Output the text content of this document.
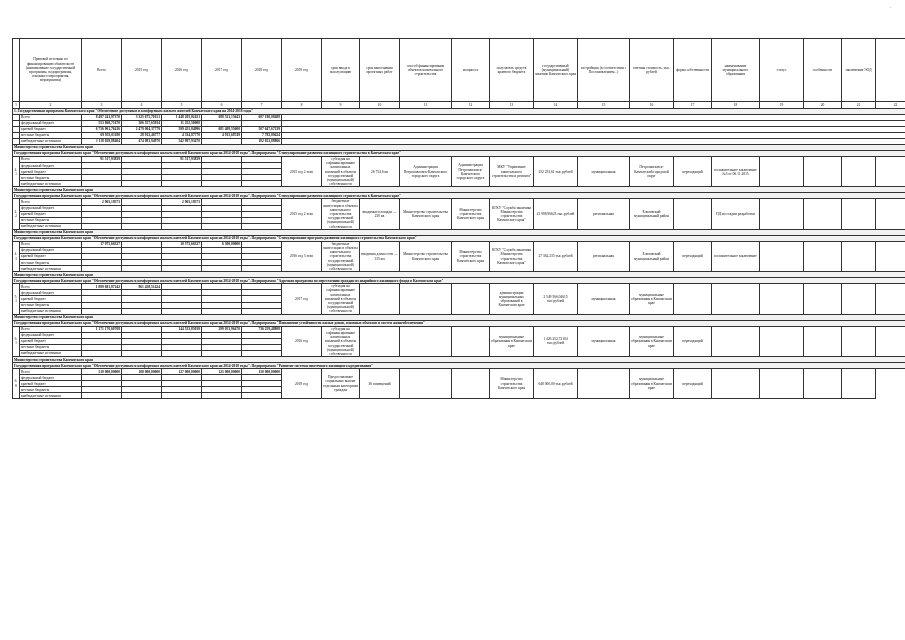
.
	Правовой источник по финансированию обязательств (наименование государственной программы, подпрограммы, основного мероприятия, мероприятия)	Всего	2015 год	2016 год	2017 год	2018 год	2019 год	срок ввода в эксплуатацию	срок выполнения проектных работ	способ финансирования объектов капитального строительства	мощность	получатель средств краевого бюджета	государственный (муниципальный) заказчик Камчатского края	застройщик (в соответствии с Постановлением...)	сметная стоимость, тыс. рублей	форма собственности	наименование муниципального образования	статус	особенности	заключение ЭОД	
1	2	3	4	5	6	7	8	9	10	11	12	13	14	15	16	17	18	19	20	21	22
1. Государственная программа Камчатского края "Обеспечение доступным и комфортным жильем жителей Камчатского края на 2014-2018 годы"																					
	Всего	8 497 241,97370	3 325 675,70151	1 448 205,02451	688 521,15643	607 180,08488															
	федеральный бюджет	553 868,71670	306 557,65934	11 252,50000																	
	краевой бюджет	6 756 961,76416	2 479 004,37779	599 455,84996	681 409,55600	507 647,67239															
	местные бюджеты	69 053,01180	28 912,46777	4 334,87770	4 915,68749	7 782,89424															
	внебюджетные источники	1 118 029,88404	474 081,94970	542 997,93470		102 652,88866															
Министерство строительства Камчатского края																					
Государственная программа Камчатского края "Обеспечение доступным и комфортным жильем жителей Камчатского края на 2014-2018 годы". Подпрограмма "Стимулирование развития жилищного строительства в Камчатском крае"																					
4.1	Всего	91 517,93839		91 517,93839			2015 год 2 этап	субсидия на софинансирование капитальных вложений в объекты государственной (муниципальной) собственности	26 754,6 кв	Администрация Петропавловск-Камчатского городского округа	Администрация Петропавловск-Камчатского городского округа	МКУ "Управление капитального строительства и ремонта"	252 253,61 тыс.рублей	муниципальная	Петропавловск-Камчатский городской округ	переходящий	положительное заключение №3 от 06.11.2015				
	федеральный бюджет																				
	краевой бюджет																				
	местные бюджеты																				
	внебюджетные источники																				
Министерство строительства Камчатского края																					
Государственная программа Камчатского края "Обеспечение доступным и комфортным жильем жителей Камчатского края на 2014-2018 годы". Подпрограмма "Стимулирование развития жилищного строительства в Камчатском крае"																					
4.2	Всего	2 965,18573		2 965,18573			2015 год 2 этап	бюджетные инвестиции в объекты капитального строительства государственной (муниципальной) собственности	вводимые площади — 230 кв	Министерство строительства Камчатского края	Министерство строительства Камчатского края	КГКУ "Служба заказчика Министерства строительства Камчатского края"	23 908,96623 тыс.рублей	региональная	Елизовский муниципальный район		ПД на стадии разработки				
	федеральный бюджет																				
	краевой бюджет																				
	местные бюджеты																				
	внебюджетные источники																				
Министерство строительства Камчатского края																					
Государственная программа Камчатского края "Обеспечение доступным и комфортным жильем жителей Камчатского края на 2014-2018 годы". Подпрограмма "Стимулирование программ развития жилищного строительства Камчатского края"																					
4.3	Всего	17 075,66327		10 575,66327	6 500,00000		2016 год 3 этап	бюджетные инвестиции в объекты капитального строительства государственной (муниципальной) собственности	вводимая длина сети — 135 км	Министерство строительства Камчатского края	Министерство строительства Камчатского края	КГКУ "Служба заказчика Министерства строительства Камчатского края"	27 362,235 тыс.рублей	региональная	Елизовский муниципальный район	переходящий	положительное заключение				
	федеральный бюджет																				
	краевой бюджет																				
	местные бюджеты																				
	внебюджетные источники																				
Министерство строительства Камчатского края																					
Государственная программа Камчатского края "Обеспечение доступным и комфортным жильем жителей Камчатского края на 2014-2018 годы". Подпрограмма "Адресная программа по переселению граждан из аварийного жилищного фонда в Камчатском крае"																					
5.1	Всего	1 889 681,87242	961 458,51424				2017 год	субсидия на софинансирование капитальных вложений в объекты государственной (муниципальной) собственности				администрации муниципальных образований в Камчатском крае	2 549 566,04615 тыс.рублей	муниципальная	муниципальные образования в Камчатском крае						
	федеральный бюджет																				
	краевой бюджет																				
	местные бюджеты																				
	внебюджетные источники																				
Министерство строительства Камчатского края																					
Государственная программа Камчатского края "Обеспечение доступным и комфортным жильем жителей Камчатского края на 2014-2018 годы". Подпрограмма "Повышение устойчивости жилых домов, основных объектов и систем жизнеобеспечения"																					
6.1	Всего	1 171 170,60708		144 533,85039	299 053,96470	736 259,48808	2016 год	субсидия на софинансирование капитальных вложений в объекты государственной (муниципальной) собственности				муниципальные образования в Камчатском крае	1 426 252,72104 тыс.рублей	муниципальная	муниципальные образования в Камчатском крае	переходящий					
	федеральный бюджет																				
	краевой бюджет																				
	местные бюджеты																				
	внебюджетные источники																				
Министерство строительства Камчатского края																					
Государственная программа Камчатского края "Обеспечение доступным и комфортным жильем жителей Камчатского края на 2014-2018 годы". Подпрограмма "Развитие системы ипотечного жилищного кредитования"																					
6.8	Всего	510 000,00000	108 000,00000	127 000,00000	125 000,00000	150 000,00000	2018 год	Предоставление социальных выплат отдельным категориям граждан	36 помещений			Министерство строительства Камчатского края	648 000,00 тыс.рублей		муниципальные образования в Камчатском крае	переходящий					
	федеральный бюджет																				
	краевой бюджет																				
	местные бюджеты																				
	внебюджетные источники																				
